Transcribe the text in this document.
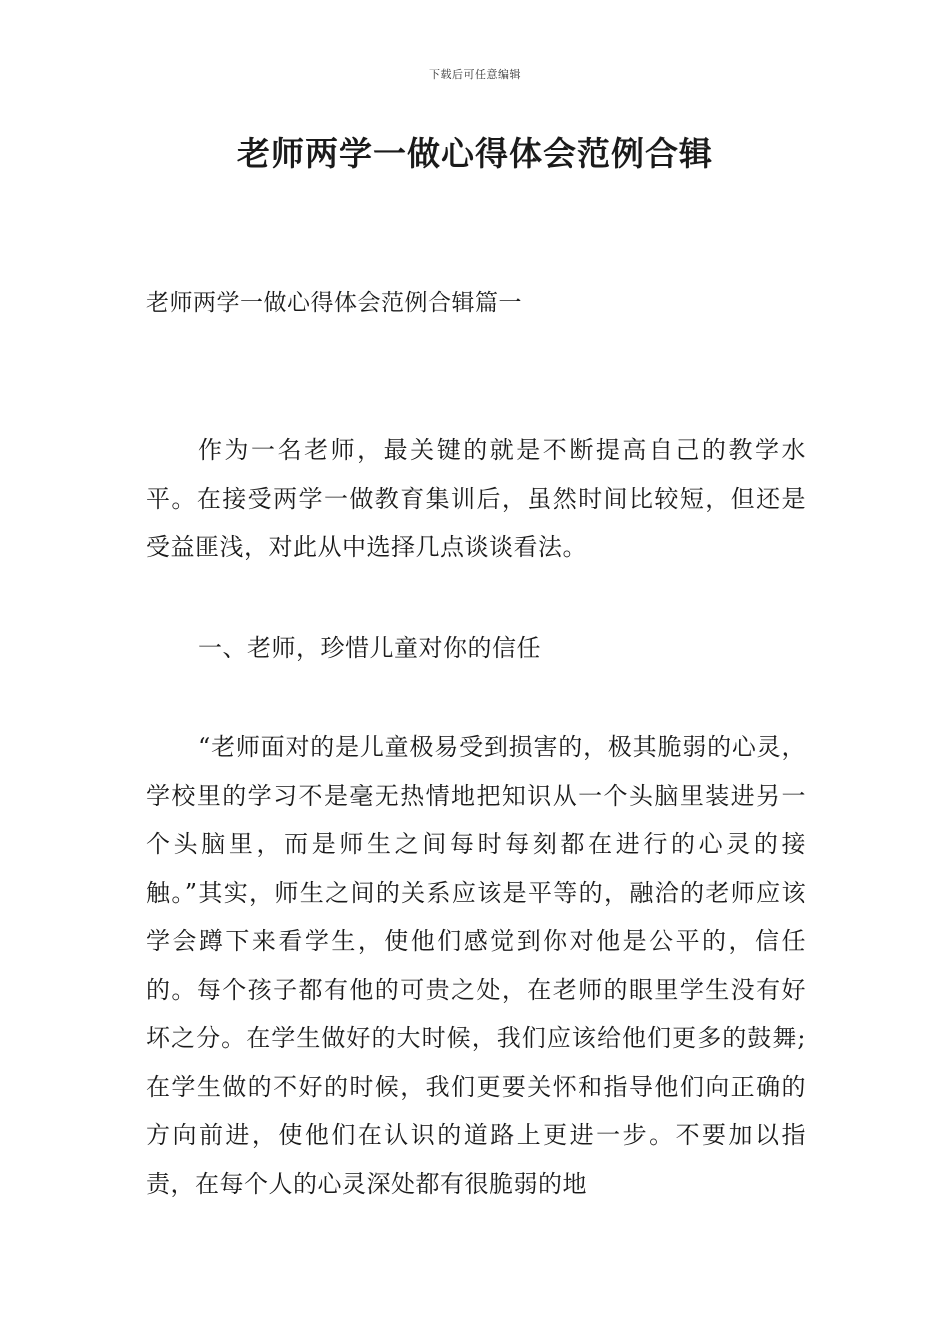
下载后可任意编辑
老师两学一做心得体会范例合辑
老师两学一做心得体会范例合辑篇一
作为一名老师，最关键的就是不断提高自己的教学水平。在接受两学一做教育集训后，虽然时间比较短，但还是受益匪浅，对此从中选择几点谈谈看法。
一、老师，珍惜儿童对你的信任
“老师面对的是儿童极易受到损害的，极其脆弱的心灵，学校里的学习不是毫无热情地把知识从一个头脑里装进另一个头脑里，而是师生之间每时每刻都在进行的心灵的接触。”其实，师生之间的关系应该是平等的，融洽的老师应该学会蹲下来看学生，使他们感觉到你对他是公平的，信任的。每个孩子都有他的可贵之处，在老师的眼里学生没有好坏之分。在学生做好的大时候，我们应该给他们更多的鼓舞;在学生做的不好的时候，我们更要关怀和指导他们向正确的方向前进，使他们在认识的道路上更进一步。不要加以指责，在每个人的心灵深处都有很脆弱的地
